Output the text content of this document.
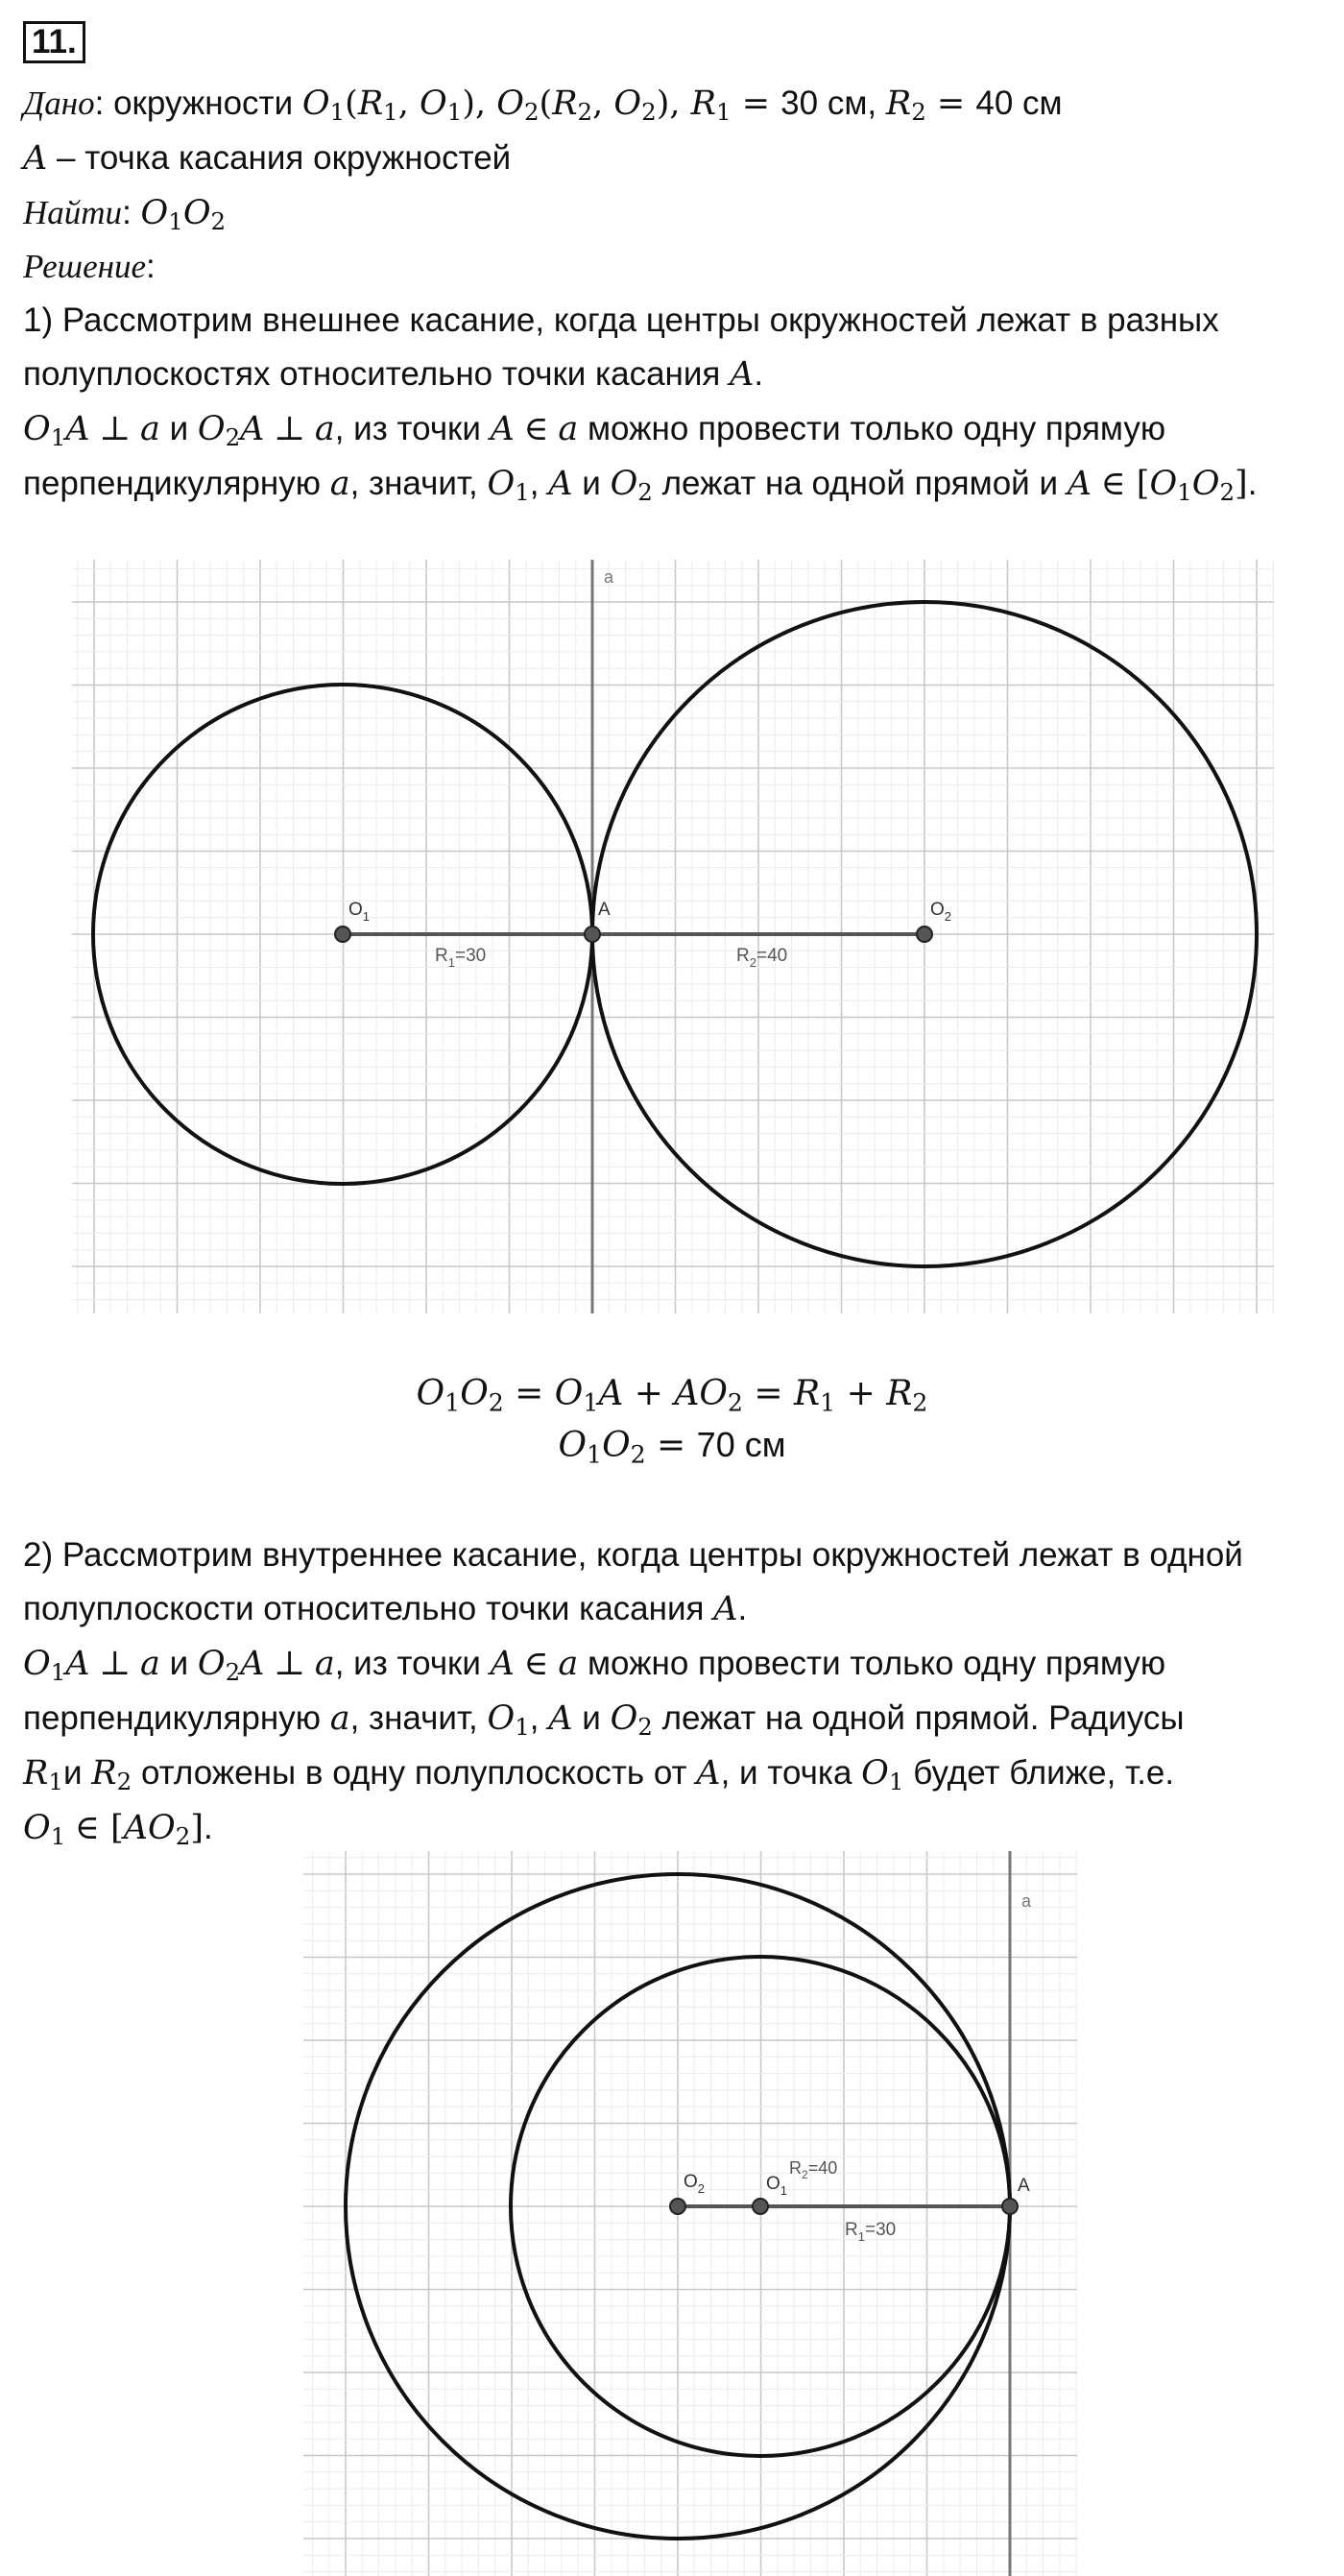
11.
Дано: окружности $O_1(R_1$, $O_1$), $O_2(R_2$, $O_2$), $R_1 = 30$ см, $R_2 = 40$ см
A – точка касания окружностей
Найти: $O_1O_2$
Решение:
1) Рассмотрим внешнее касание, когда центры окружностей лежат в разных
полуплоскостях относительно точки касания A.
$O_1A$ ⊥ a и $O_2A$ ⊥ a, из точки A ∈ a можно провести только одну прямую
перпендикулярную a, значит, $O_1$, A и $O_2$ лежат на одной прямой и A ∈ $[O_1O_2]$.
a
$O_1$	A	$O_2$
$R_1=30$	$R_2=40$
$O_1O_2 = O_1A + AO_2 = R_1 + R_2$
$O_1O_2 = 70$ см
2) Рассмотрим внутреннее касание, когда центры окружностей лежат в одной
полуплоскости относительно точки касания A.
$O_1A$ ⊥ a и $O_2A$ ⊥ a, из точки A ∈ a можно провести только одну прямую
перпендикулярную a, значит, $O_1$, A и $O_2$ лежат на одной прямой. Радиусы
$R_1и$ $R_2$ отложены в одну полуплоскость от A, и точка $O_1$ будет ближе, т.е.
$O_1$ ∈ $[AO_2]$.
a
$O_2$	$O_1$
$R_2=40$
$R_1=30$
A
